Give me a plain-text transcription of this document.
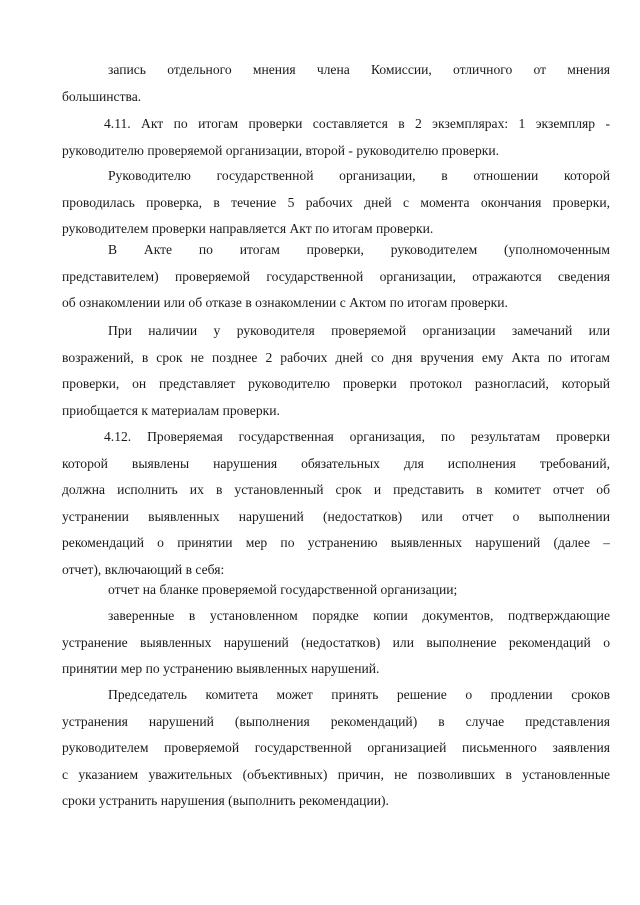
запись отдельного мнения члена Комиссии, отличного от мнения
большинства.
4.11. Акт по итогам проверки составляется в 2 экземплярах: 1 экземпляр -
руководителю проверяемой организации, второй - руководителю проверки.
Руководителю государственной организации, в отношении которой
проводилась проверка, в течение 5 рабочих дней с момента окончания проверки,
руководителем проверки направляется Акт по итогам проверки.
В Акте по итогам проверки, руководителем (уполномоченным
представителем) проверяемой государственной организации, отражаются сведения
об ознакомлении или об отказе в ознакомлении с Актом по итогам проверки.
При наличии у руководителя проверяемой организации замечаний или
возражений, в срок не позднее 2 рабочих дней со дня вручения ему Акта по итогам
проверки, он представляет руководителю проверки протокол разногласий, который
приобщается к материалам проверки.
4.12. Проверяемая государственная организация, по результатам проверки
которой выявлены нарушения обязательных для исполнения требований,
должна исполнить их в установленный срок и представить в комитет отчет об
устранении выявленных нарушений (недостатков) или отчет о выполнении
рекомендаций о принятии мер по устранению выявленных нарушений (далее –
отчет), включающий в себя:
отчет на бланке проверяемой государственной организации;
заверенные в установленном порядке копии документов, подтверждающие
устранение выявленных нарушений (недостатков) или выполнение рекомендаций о
принятии мер по устранению выявленных нарушений.
Председатель комитета может принять решение о продлении сроков
устранения нарушений (выполнения рекомендаций) в случае представления
руководителем проверяемой государственной организацией письменного заявления
с указанием уважительных (объективных) причин, не позволивших в установленные
сроки устранить нарушения (выполнить рекомендации).
